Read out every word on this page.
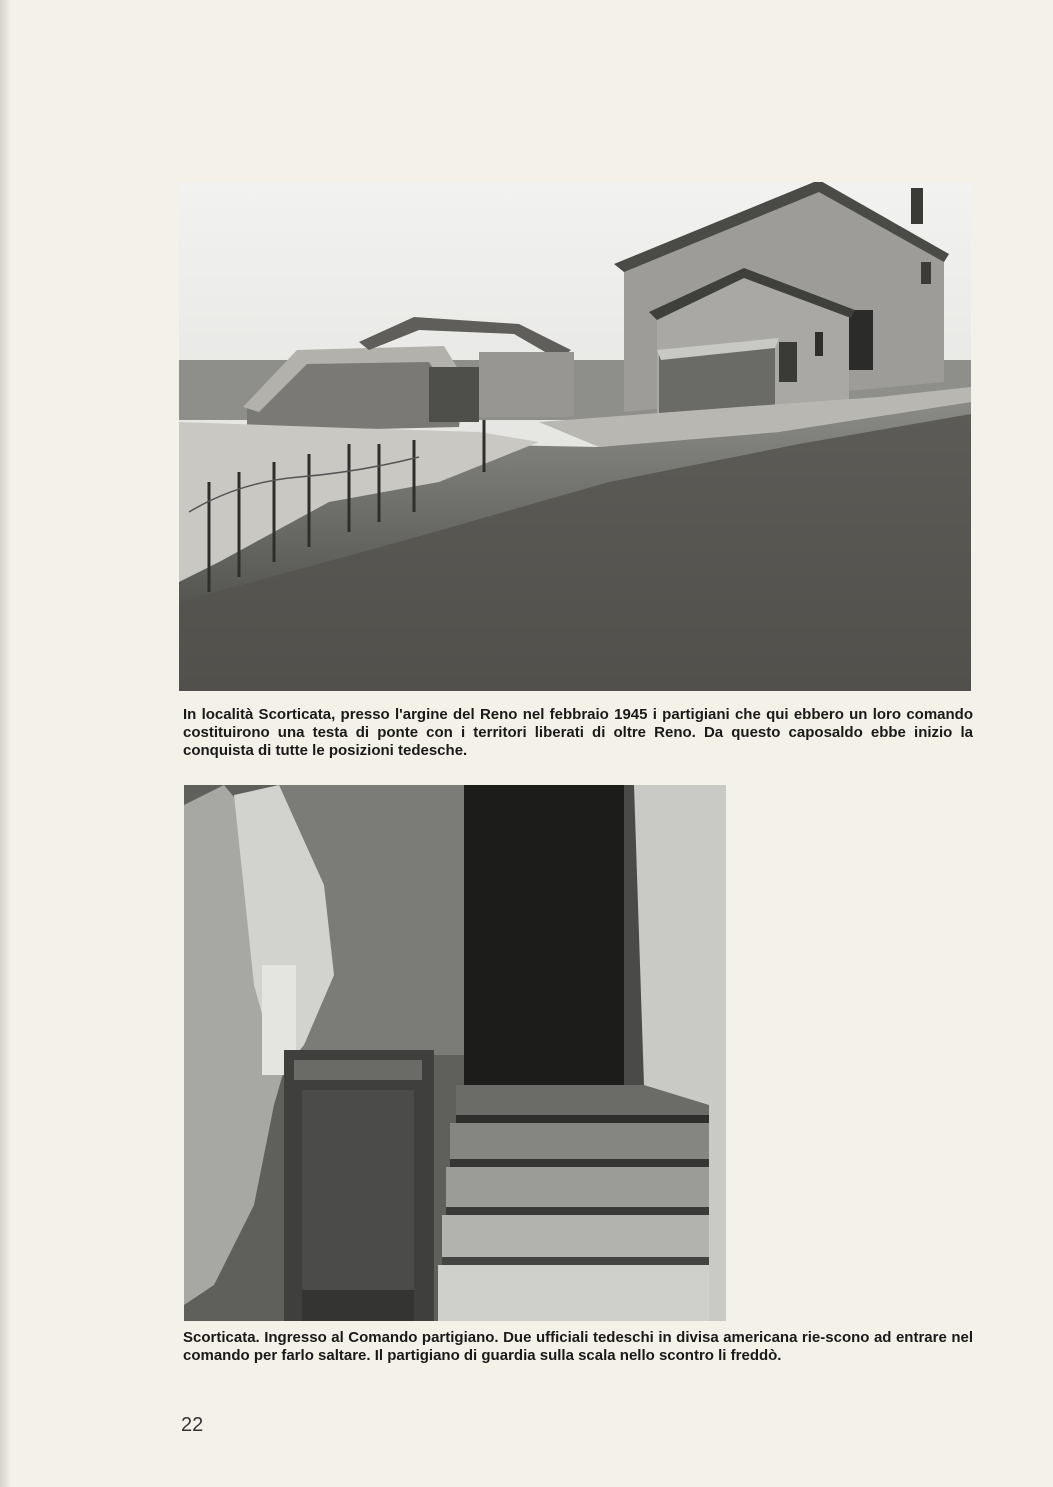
In località Scorticata, presso l'argine del Reno nel febbraio 1945 i partigiani che qui ebbero un loro comando costituirono una testa di ponte con i territori liberati di oltre Reno. Da questo caposaldo ebbe inizio la conquista di tutte le posizioni tedesche.

Scorticata. Ingresso al Comando partigiano. Due ufficiali tedeschi in divisa americana rie-scono ad entrare nel comando per farlo saltare. Il partigiano di guardia sulla scala nello scontro li freddò.

22
